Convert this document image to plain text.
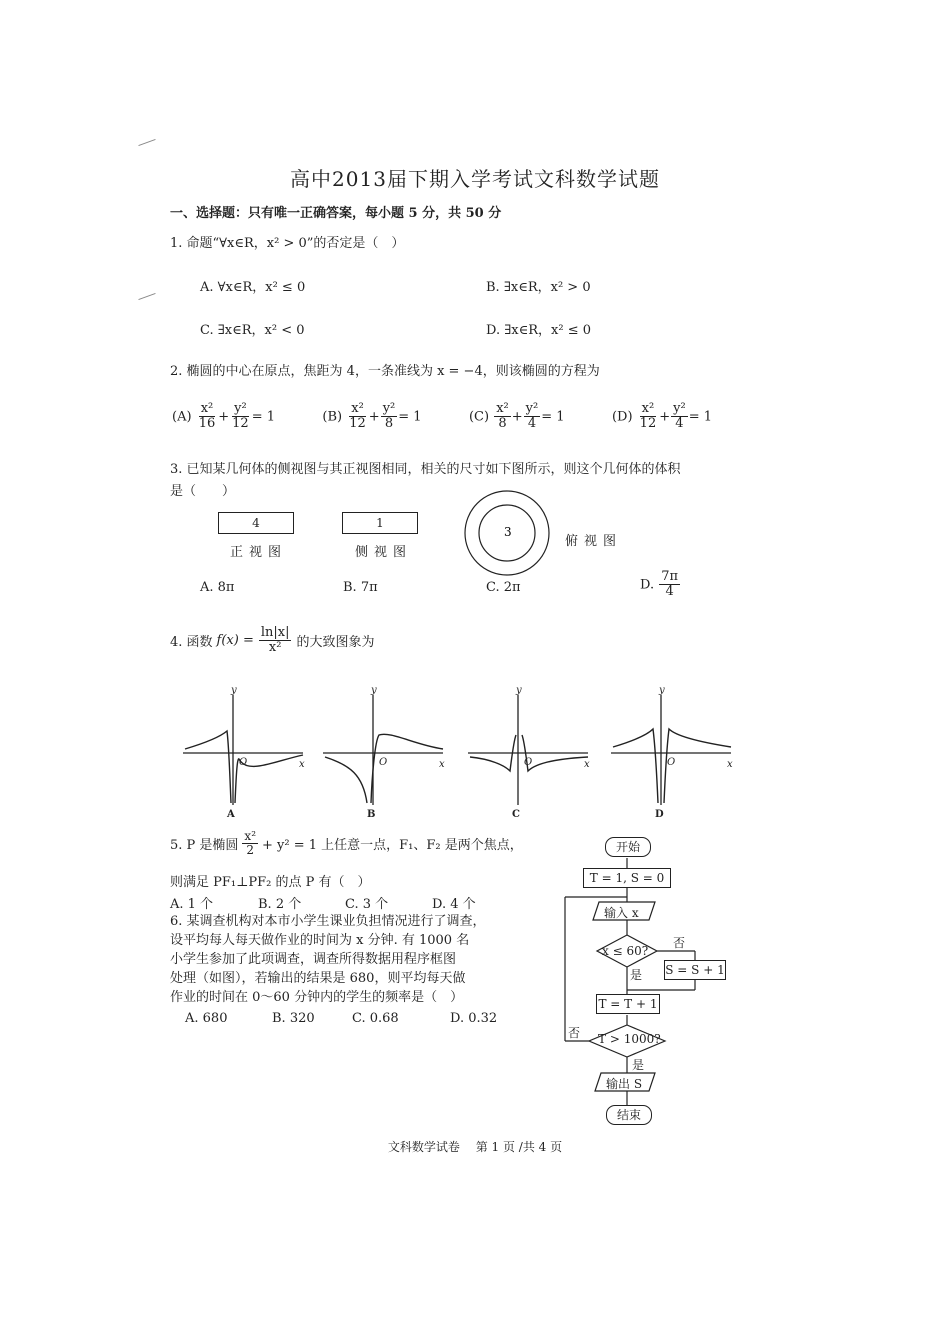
高中2013届下期入学考试文科数学试题
一、选择题：只有唯一正确答案，每小题 5 分，共 50 分
1. 命题“∀x∈R，x² > 0”的否定是（　）
A. ∀x∈R，x² ≤ 0	B. ∃x∈R，x² > 0
C. ∃x∈R，x² < 0	D. ∃x∈R，x² ≤ 0
2. 椭圆的中心在原点，焦距为 4，一条准线为 x = −4，则该椭圆的方程为
$(A) \frac{\text{x²}}{16} + \frac{\text{y²}}{12} = 1$	$(B) \frac{\text{x²}}{12} + \frac{\text{y²}}{8} = 1$	$(C) \frac{\text{x²}}{8} + \frac{\text{y²}}{4} = 1$	$(D) \frac{\text{x²}}{12} + \frac{\text{y²}}{4} = 1$
3. 已知某几何体的侧视图与其正视图相同，相关的尺寸如下图所示，则这个几何体的体积
是（　　）
4	1
3
正视图	侧视图
俯视图
A. 8π	B. 7π	C. 2π	D. $\frac{7\pi}{4}$
4. 函数 $f(x) = \frac{\ln|x|}{\text{x²}}$ 的大致图象为
y
x
A
y
x
B
y
x
C
y
x
D
O	O	O	O
5. P 是椭圆 $\frac{\text{x²}}{2} + y^2 = 1$ 上任意一点，F₁、F₂ 是两个焦点，
则满足 PF₁⊥PF₂ 的点 P 有（　）
A. 1 个	B. 2 个	C. 3 个	D. 4 个
6. 某调查机构对本市小学生课业负担情况进行了调查，
设平均每人每天做作业的时间为 x 分钟. 有 1000 名
小学生参加了此项调查，调查所得数据用程序框图
处理（如图），若输出的结果是 680，则平均每天做
作业的时间在 0～60 分钟内的学生的频率是（　）
A. 680	B. 320	C. 0.68	D. 0.32
开始
T = 1, S = 0
输入 x
x ≤ 60?
否
是 S = S + 1
T = T + 1
T > 1000?
否
是
输出 S
结束
文科数学试卷　 第 1 页 /共 4 页
